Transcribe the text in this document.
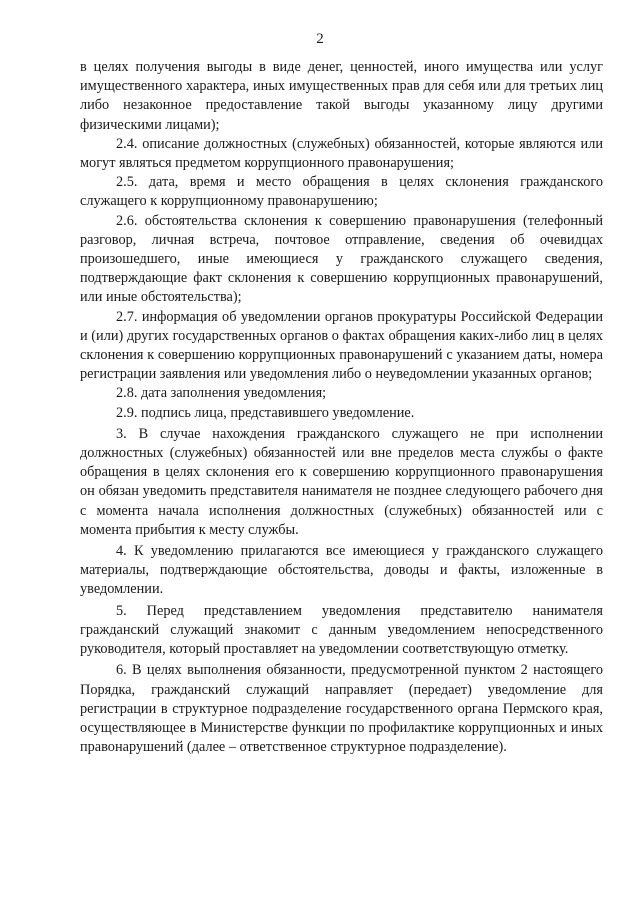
2

в целях получения выгоды в виде денег, ценностей, иного имущества или услуг имущественного характера, иных имущественных прав для себя или для третьих лиц либо незаконное предоставление такой выгоды указанному лицу другими физическими лицами);

2.4. описание должностных (служебных) обязанностей, которые являются или могут являться предметом коррупционного правонарушения;

2.5. дата, время и место обращения в целях склонения гражданского служащего к коррупционному правонарушению;

2.6. обстоятельства склонения к совершению правонарушения (телефонный разговор, личная встреча, почтовое отправление, сведения об очевидцах произошедшего, иные имеющиеся у гражданского служащего сведения, подтверждающие факт склонения к совершению коррупционных правонарушений, или иные обстоятельства);

2.7. информация об уведомлении органов прокуратуры Российской Федерации и (или) других государственных органов о фактах обращения каких-либо лиц в целях склонения к совершению коррупционных правонарушений с указанием даты, номера регистрации заявления или уведомления либо о неуведомлении указанных органов;

2.8. дата заполнения уведомления;

2.9. подпись лица, представившего уведомление.

3. В случае нахождения гражданского служащего не при исполнении должностных (служебных) обязанностей или вне пределов места службы о факте обращения в целях склонения его к совершению коррупционного правонарушения он обязан уведомить представителя нанимателя не позднее следующего рабочего дня с момента начала исполнения должностных (служебных) обязанностей или с момента прибытия к месту службы.

4. К уведомлению прилагаются все имеющиеся у гражданского служащего материалы, подтверждающие обстоятельства, доводы и факты, изложенные в уведомлении.

5. Перед представлением уведомления представителю нанимателя гражданский служащий знакомит с данным уведомлением непосредственного руководителя, который проставляет на уведомлении соответствующую отметку.

6. В целях выполнения обязанности, предусмотренной пунктом 2 настоящего Порядка, гражданский служащий направляет (передает) уведомление для регистрации в структурное подразделение государственного органа Пермского края, осуществляющее в Министерстве функции по профилактике коррупционных и иных правонарушений (далее – ответственное структурное подразделение).
